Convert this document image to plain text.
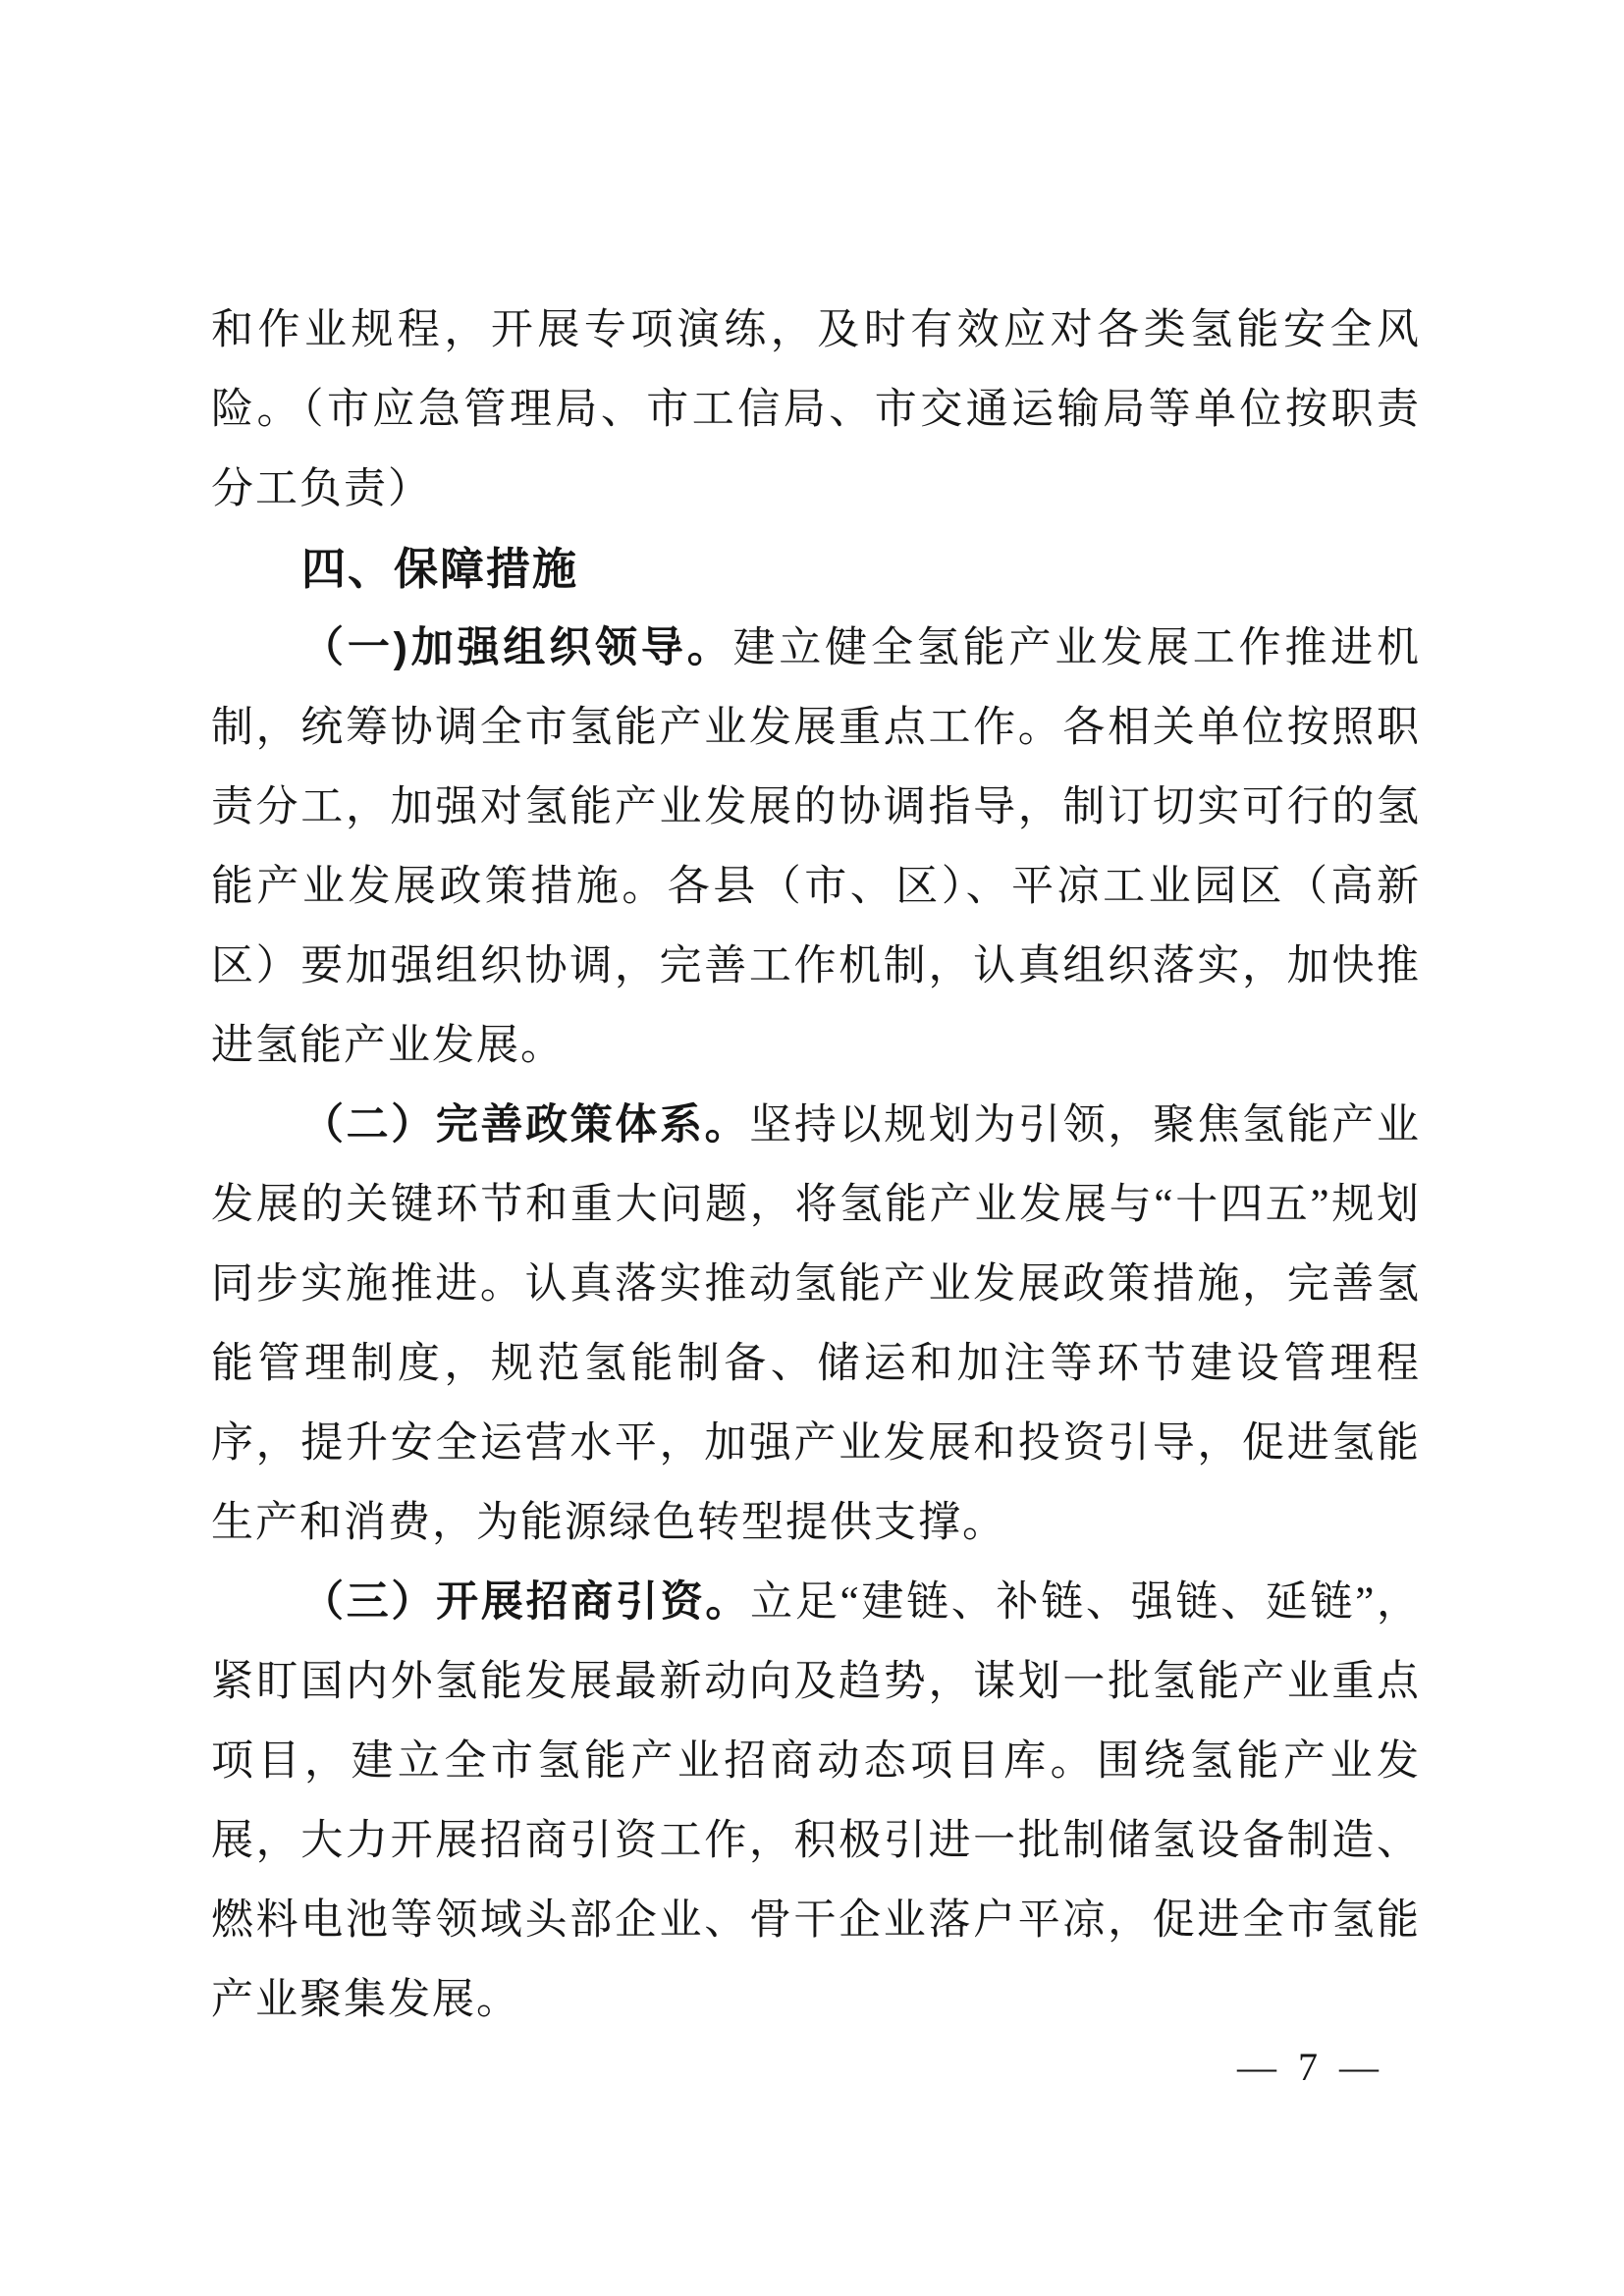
和作业规程，开展专项演练，及时有效应对各类氢能安全风险。（市应急管理局、市工信局、市交通运输局等单位按职责分工负责）

四、保障措施

（一)加强组织领导。建立健全氢能产业发展工作推进机制，统筹协调全市氢能产业发展重点工作。各相关单位按照职责分工，加强对氢能产业发展的协调指导，制订切实可行的氢能产业发展政策措施。各县（市、区）、平凉工业园区（高新区）要加强组织协调，完善工作机制，认真组织落实，加快推进氢能产业发展。

（二）完善政策体系。坚持以规划为引领，聚焦氢能产业发展的关键环节和重大问题，将氢能产业发展与“十四五”规划同步实施推进。认真落实推动氢能产业发展政策措施，完善氢能管理制度，规范氢能制备、储运和加注等环节建设管理程序，提升安全运营水平，加强产业发展和投资引导，促进氢能生产和消费，为能源绿色转型提供支撑。

（三）开展招商引资。立足“建链、补链、强链、延链”，紧盯国内外氢能发展最新动向及趋势，谋划一批氢能产业重点项目，建立全市氢能产业招商动态项目库。围绕氢能产业发展，大力开展招商引资工作，积极引进一批制储氢设备制造、燃料电池等领域头部企业、骨干企业落户平凉，促进全市氢能产业聚集发展。

— 7 —
